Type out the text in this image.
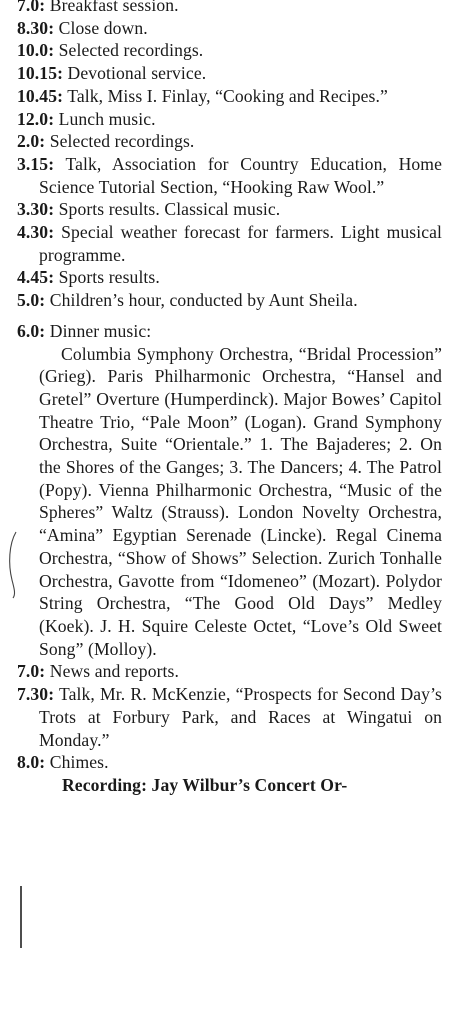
7.0: Breakfast session.

8.30: Close down.

10.0: Selected recordings.

10.15: Devotional service.

10.45: Talk, Miss I. Finlay, “Cooking and Recipes.”

12.0: Lunch music.

2.0: Selected recordings.

3.15: Talk, Association for Country Education, Home Science Tutorial Section, “Hooking Raw Wool.”

3.30: Sports results. Classical music.

4.30: Special weather forecast for farmers. Light musical programme.

4.45: Sports results.

5.0: Children’s hour, conducted by Aunt Sheila.

6.0: Dinner music:

Columbia Symphony Orchestra, “Bridal Procession” (Grieg). Paris Philharmonic Orchestra, “Hansel and Gretel” Overture (Humperdinck). Major Bowes’ Capitol Theatre Trio, “Pale Moon” (Logan). Grand Symphony Orchestra, Suite “Orientale.” 1. The Bajaderes; 2. On the Shores of the Ganges; 3. The Dancers; 4. The Patrol (Popy). Vienna Philharmonic Orchestra, “Music of the Spheres” Waltz (Strauss). London Novelty Orchestra, “Amina” Egyptian Serenade (Lincke). Regal Cinema Orchestra, “Show of Shows” Selection. Zurich Tonhalle Orchestra, Gavotte from “Idomeneo” (Mozart). Polydor String Orchestra, “The Good Old Days” Medley (Koek). J. H. Squire Celeste Octet, “Love’s Old Sweet Song” (Molloy).

7.0: News and reports.

7.30: Talk, Mr. R. McKenzie, “Prospects for Second Day’s Trots at Forbury Park, and Races at Wingatui on Monday.”

8.0: Chimes.

Recording: Jay Wilbur’s Concert Or-
